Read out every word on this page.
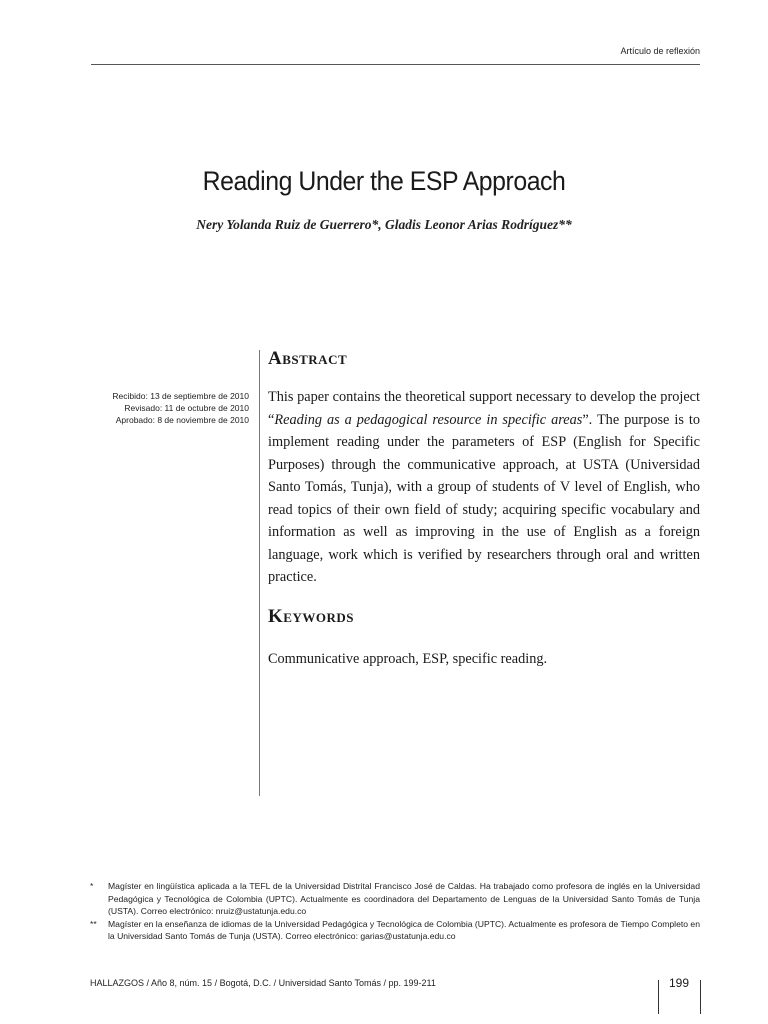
Artículo de reflexión
Reading Under the ESP Approach
Nery Yolanda Ruiz de Guerrero*, Gladis Leonor Arias Rodríguez**
Recibido: 13 de septiembre de 2010
Revisado: 11 de octubre de 2010
Aprobado: 8 de noviembre de 2010
Abstract

This paper contains the theoretical support necessary to develop the project “Reading as a pedagogical resource in specific areas”. The purpose is to implement reading under the parameters of ESP (English for Specific Purposes) through the communicative approach, at USTA (Universidad Santo Tomás, Tunja), with a group of students of V level of English, who read topics of their own field of study; acquiring specific vocabulary and information as well as improving in the use of English as a foreign language, work which is verified by researchers through oral and written practice.

Keywords

Communicative approach, ESP, specific reading.

*	Magíster en lingüística aplicada a la TEFL de la Universidad Distrital Francisco José de Caldas. Ha trabajado como profesora de inglés en la Universidad Pedagógica y Tecnológica de Colombia (UPTC). Actualmente es coordinadora del Departamento de Lenguas de la Universidad Santo Tomás de Tunja (USTA). Correo electrónico: nruiz@ustatunja.edu.co
**	Magíster en la enseñanza de idiomas de la Universidad Pedagógica y Tecnológica de Colombia (UPTC). Actualmente es profesora de Tiempo Completo en la Universidad Santo Tomás de Tunja (USTA). Correo electrónico: garias@ustatunja.edu.co
HALLAZGOS / Año 8, núm. 15 / Bogotá, D.C. / Universidad Santo Tomás / pp. 199-211	199
